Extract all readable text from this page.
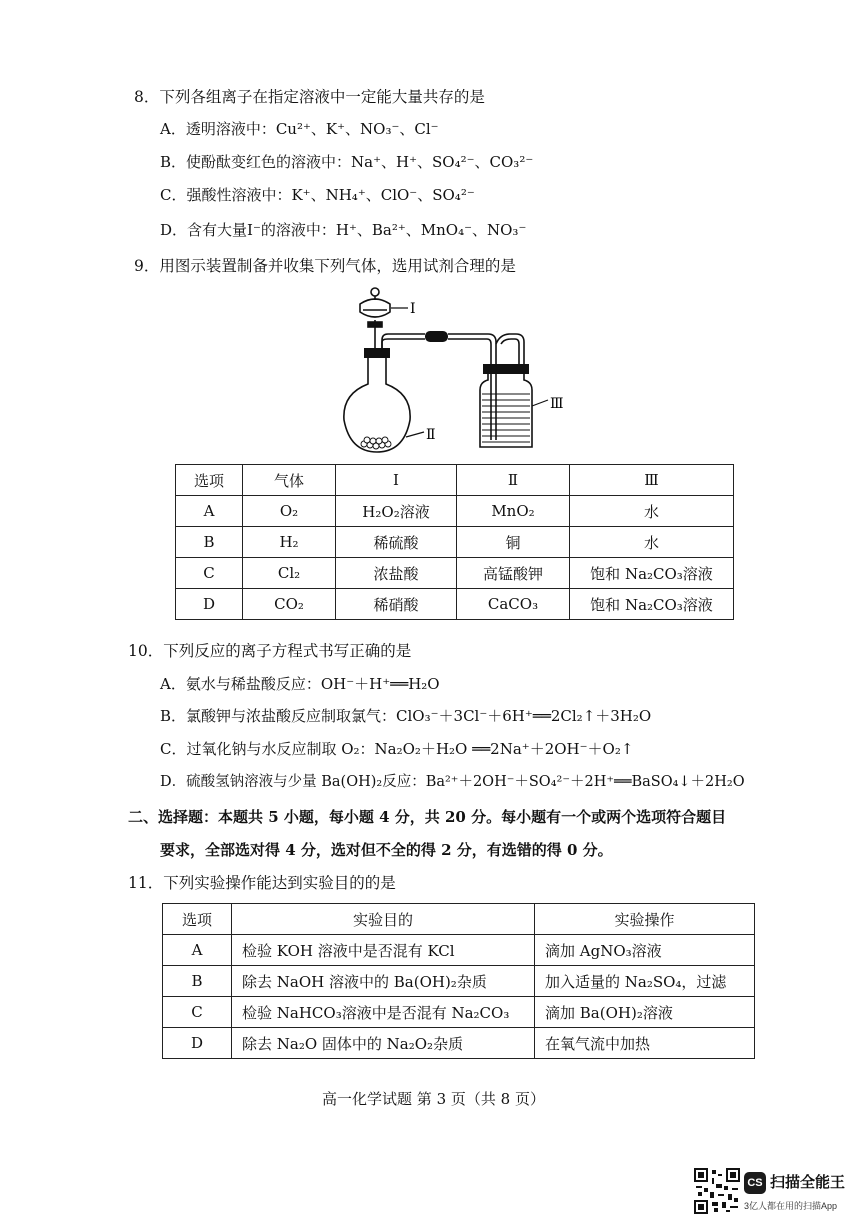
8．下列各组离子在指定溶液中一定能大量共存的是
A．透明溶液中：Cu²⁺、K⁺、NO₃⁻、Cl⁻
B．使酚酞变红色的溶液中：Na⁺、H⁺、SO₄²⁻、CO₃²⁻
C．强酸性溶液中：K⁺、NH₄⁺、ClO⁻、SO₄²⁻
D．含有大量I⁻的溶液中：H⁺、Ba²⁺、MnO₄⁻、NO₃⁻
9．用图示装置制备并收集下列气体，选用试剂合理的是
Ⅰ
Ⅱ
Ⅲ
选项	气体	Ⅰ	Ⅱ	Ⅲ
A	O₂	H₂O₂溶液	MnO₂	水
B	H₂	稀硫酸	铜	水
C	Cl₂	浓盐酸	高锰酸钾	饱和 Na₂CO₃溶液
D	CO₂	稀硝酸	CaCO₃	饱和 Na₂CO₃溶液
10．下列反应的离子方程式书写正确的是
A．氨水与稀盐酸反应：OH⁻＋H⁺══H₂O
B．氯酸钾与浓盐酸反应制取氯气：ClO₃⁻＋3Cl⁻＋6H⁺══2Cl₂↑＋3H₂O
C．过氧化钠与水反应制取 O₂：Na₂O₂＋H₂O ══2Na⁺＋2OH⁻＋O₂↑
D．硫酸氢钠溶液与少量 Ba(OH)₂反应：Ba²⁺＋2OH⁻＋SO₄²⁻＋2H⁺══BaSO₄↓＋2H₂O
二、选择题：本题共 5 小题，每小题 4 分，共 20 分。每小题有一个或两个选项符合题目
要求，全部选对得 4 分，选对但不全的得 2 分，有选错的得 0 分。
11．下列实验操作能达到实验目的的是
选项	实验目的	实验操作
A	检验 KOH 溶液中是否混有 KCl	滴加 AgNO₃溶液
B	除去 NaOH 溶液中的 Ba(OH)₂杂质	加入适量的 Na₂SO₄，过滤
C	检验 NaHCO₃溶液中是否混有 Na₂CO₃	滴加 Ba(OH)₂溶液
D	除去 Na₂O 固体中的 Na₂O₂杂质	在氧气流中加热
高一化学试题 第 3 页（共 8 页）
CS 扫描全能王
3亿人都在用的扫描App
